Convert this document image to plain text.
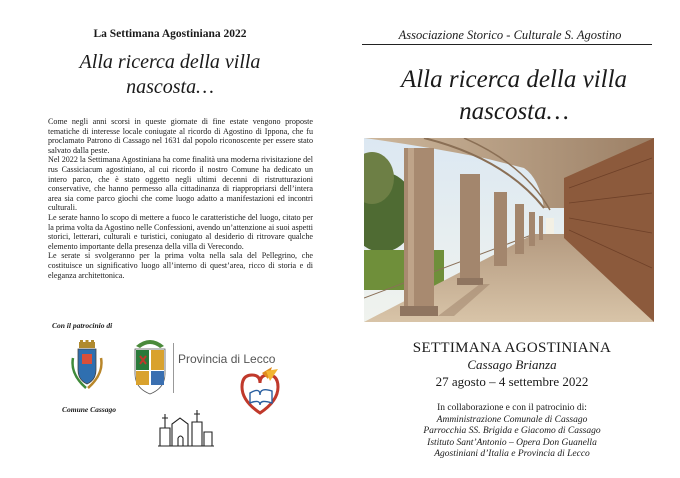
La Settimana Agostiniana 2022
Alla ricerca della villa
nascosta…

Come negli anni scorsi in queste giornate di fine estate vengono proposte tematiche di interesse locale coniugate al ricordo di Agostino di Ippona, che fu proclamato Patrono di Cassago nel 1631 dal popolo riconoscente per essere stato salvato dalla peste.

Nel 2022 la Settimana Agostiniana ha come finalità una moderna rivisitazione del rus Cassiciacum agostiniano, al cui ricordo il nostro Comune ha dedicato un intero parco, che è stato oggetto negli ultimi decenni di ristrutturazioni conservative, che hanno permesso alla cittadinanza di riappropriarsi dell’intera area sia come parco giochi che come luogo adatto a manifestazioni ed incontri culturali.

Le serate hanno lo scopo di mettere a fuoco le caratteristiche del luogo, citato per la prima volta da Agostino nelle Confessioni, avendo un’attenzione ai suoi aspetti storici, letterari, culturali e turistici, coniugato al desiderio di ritrovare qualche elemento importante della presenza della villa di Verecondo.

Le serate si svolgeranno per la prima volta nella sala del Pellegrino, che costituisce un significativo luogo all’interno di quest’area, ricco di storia e di eleganza architettonica.

Con il patrocinio di
Comune Cassago
Provincia di Lecco
Associazione Storico - Culturale S. Agostino
Alla ricerca della villa
nascosta…
SETTIMANA AGOSTINIANA
Cassago Brianza
27 agosto – 4 settembre 2022
In collaborazione e con il patrocinio di:
Amministrazione Comunale di Cassago
Parrocchia SS. Brigida e Giacomo di Cassago
Istituto Sant’Antonio – Opera Don Guanella
Agostiniani d’Italia e Provincia di Lecco
